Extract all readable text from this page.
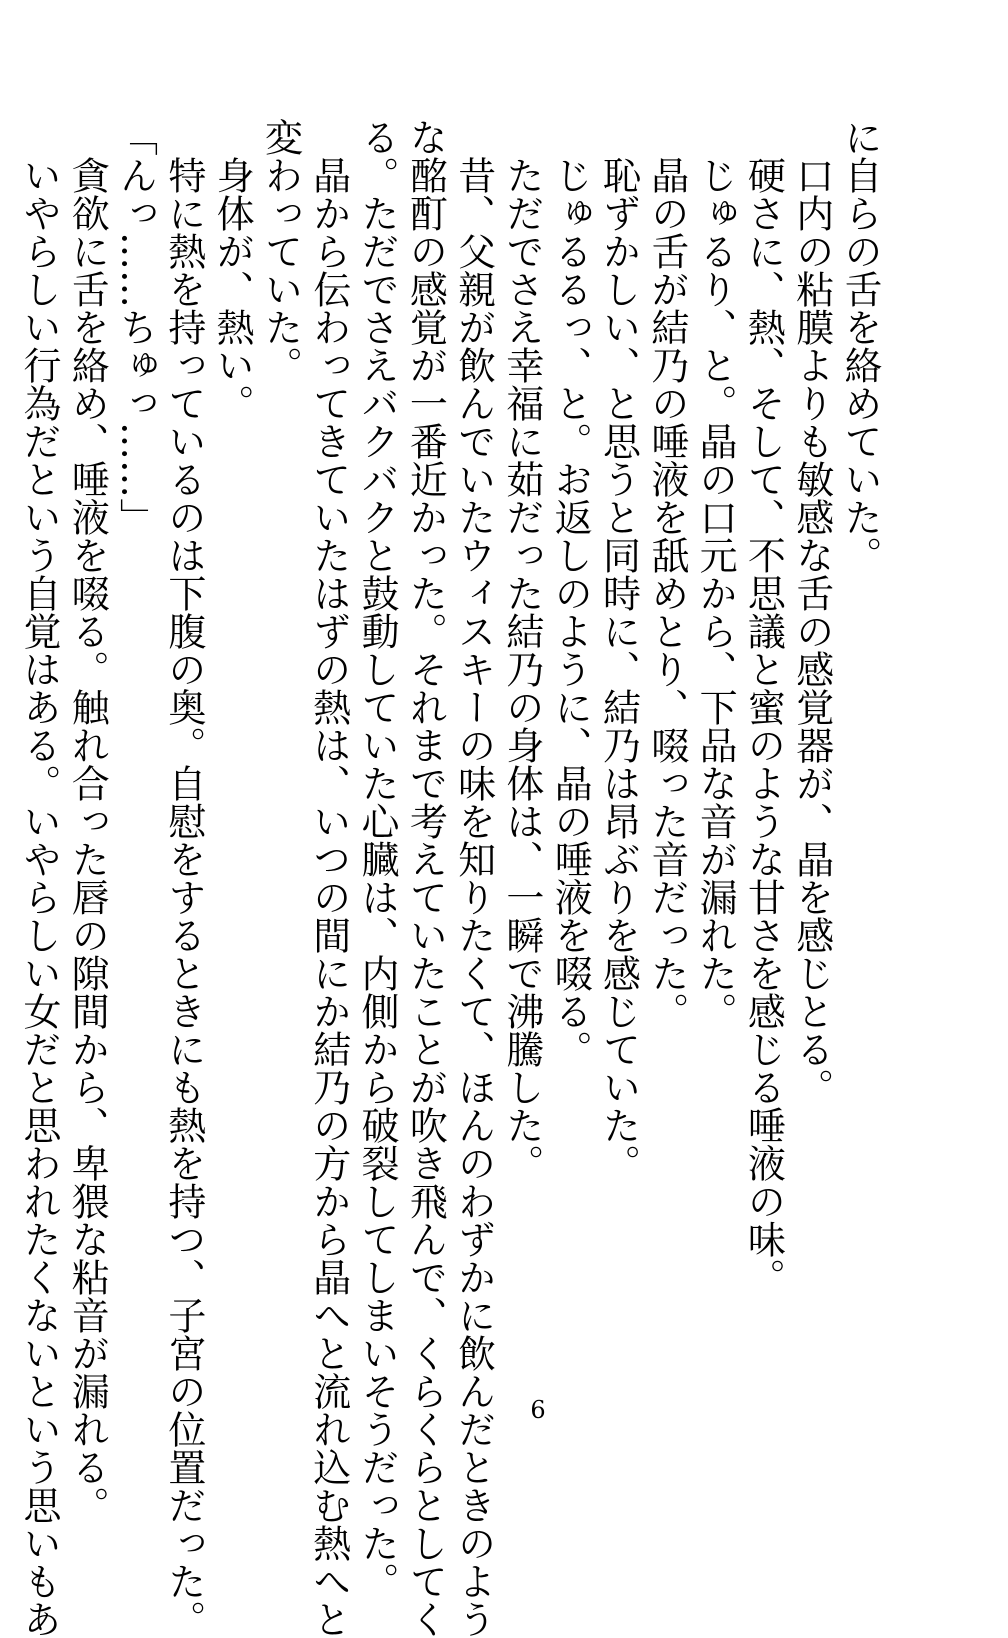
に自らの舌を絡めていた。

　口内の粘膜よりも敏感な舌の感覚器が、晶を感じとる。

　硬さに、熱、そして、不思議と蜜のような甘さを感じる唾液の味。

　じゅるり、と。晶の口元から、下品な音が漏れた。

　晶の舌が結乃の唾液を舐めとり、啜った音だった。

　恥ずかしい、と思うと同時に、結乃は昂ぶりを感じていた。

　じゅるるっ、と。お返しのように、晶の唾液を啜る。

　ただでさえ幸福に茹だった結乃の身体は、一瞬で沸騰した。

　昔、父親が飲んでいたウィスキーの味を知りたくて、ほんのわずかに飲んだときのよう

な酩酊の感覚が一番近かった。それまで考えていたことが吹き飛んで、くらくらとしてく

る。ただでさえバクバクと鼓動していた心臓は、内側から破裂してしまいそうだった。

　晶から伝わってきていたはずの熱は、いつの間にか結乃の方から晶へと流れ込む熱へと

変わっていた。

　身体が、熱い。

　特に熱を持っているのは下腹の奥。自慰をするときにも熱を持つ、子宮の位置だった。

「んっ……ちゅっ……」

　貪欲に舌を絡め、唾液を啜る。触れ合った唇の隙間から、卑猥な粘音が漏れる。

　いやらしい行為だという自覚はある。いやらしい女だと思われたくないという思いもあ	6
